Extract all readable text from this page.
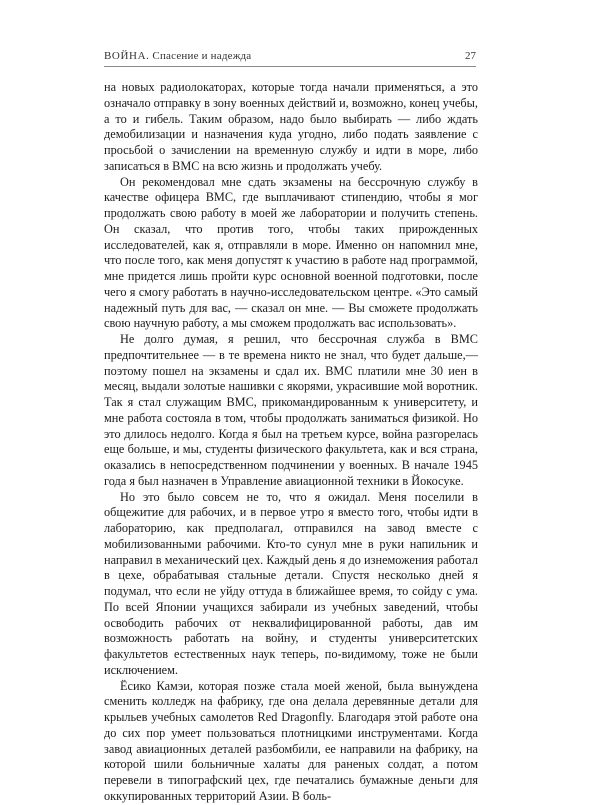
ВОЙНА. Спасение и надежда	27

на новых радиолокаторах, которые тогда начали применяться, а это означало отправку в зону военных действий и, возможно, конец учебы, а то и гибель. Таким образом, надо было выбирать — либо ждать демобилизации и назначения куда угодно, либо подать заявление с просьбой о зачислении на временную службу и идти в море, либо записаться в ВМС на всю жизнь и продолжать учебу.

Он рекомендовал мне сдать экзамены на бессрочную службу в качестве офицера ВМС, где выплачивают стипендию, чтобы я мог продолжать свою работу в моей же лаборатории и получить степень. Он сказал, что против того, чтобы таких прирожденных исследователей, как я, отправляли в море. Именно он напомнил мне, что после того, как меня допустят к участию в работе над программой, мне придется лишь пройти курс основной военной подготовки, после чего я смогу работать в научно-исследовательском центре. «Это самый надежный путь для вас, — сказал он мне. — Вы сможете продолжать свою научную работу, а мы сможем продолжать вас использовать».

Не долго думая, я решил, что бессрочная служба в ВМС предпочтительнее — в те времена никто не знал, что будет дальше,— поэтому пошел на экзамены и сдал их. ВМС платили мне 30 иен в месяц, выдали золотые нашивки с якорями, украсившие мой воротник. Так я стал служащим ВМС, прикомандированным к университету, и мне работа состояла в том, чтобы продолжать заниматься физикой. Но это длилось недолго. Когда я был на третьем курсе, война разгорелась еще больше, и мы, студенты физического факультета, как и вся страна, оказались в непосредственном подчинении у военных. В начале 1945 года я был назначен в Управление авиационной техники в Йокосуке.

Но это было совсем не то, что я ожидал. Меня поселили в общежитие для рабочих, и в первое утро я вместо того, чтобы идти в лабораторию, как предполагал, отправился на завод вместе с мобилизованными рабочими. Кто-то сунул мне в руки напильник и направил в механический цех. Каждый день я до изнеможения работал в цехе, обрабатывая стальные детали. Спустя несколько дней я подумал, что если не уйду оттуда в ближайшее время, то сойду с ума. По всей Японии учащихся забирали из учебных заведений, чтобы освободить рабочих от неквалифицированной работы, дав им возможность работать на войну, и студенты университетских факультетов естественных наук теперь, по-видимому, тоже не были исключением.

Ёсико Камэи, которая позже стала моей женой, была вынуждена сменить колледж на фабрику, где она делала деревянные детали для крыльев учебных самолетов Red Dragonfly. Благодаря этой работе она до сих пор умеет пользоваться плотницкими инструментами. Когда завод авиационных деталей разбомбили, ее направили на фабрику, на которой шили больничные халаты для раненых солдат, а потом перевели в типографский цех, где печатались бумажные деньги для оккупированных территорий Азии. В боль-
